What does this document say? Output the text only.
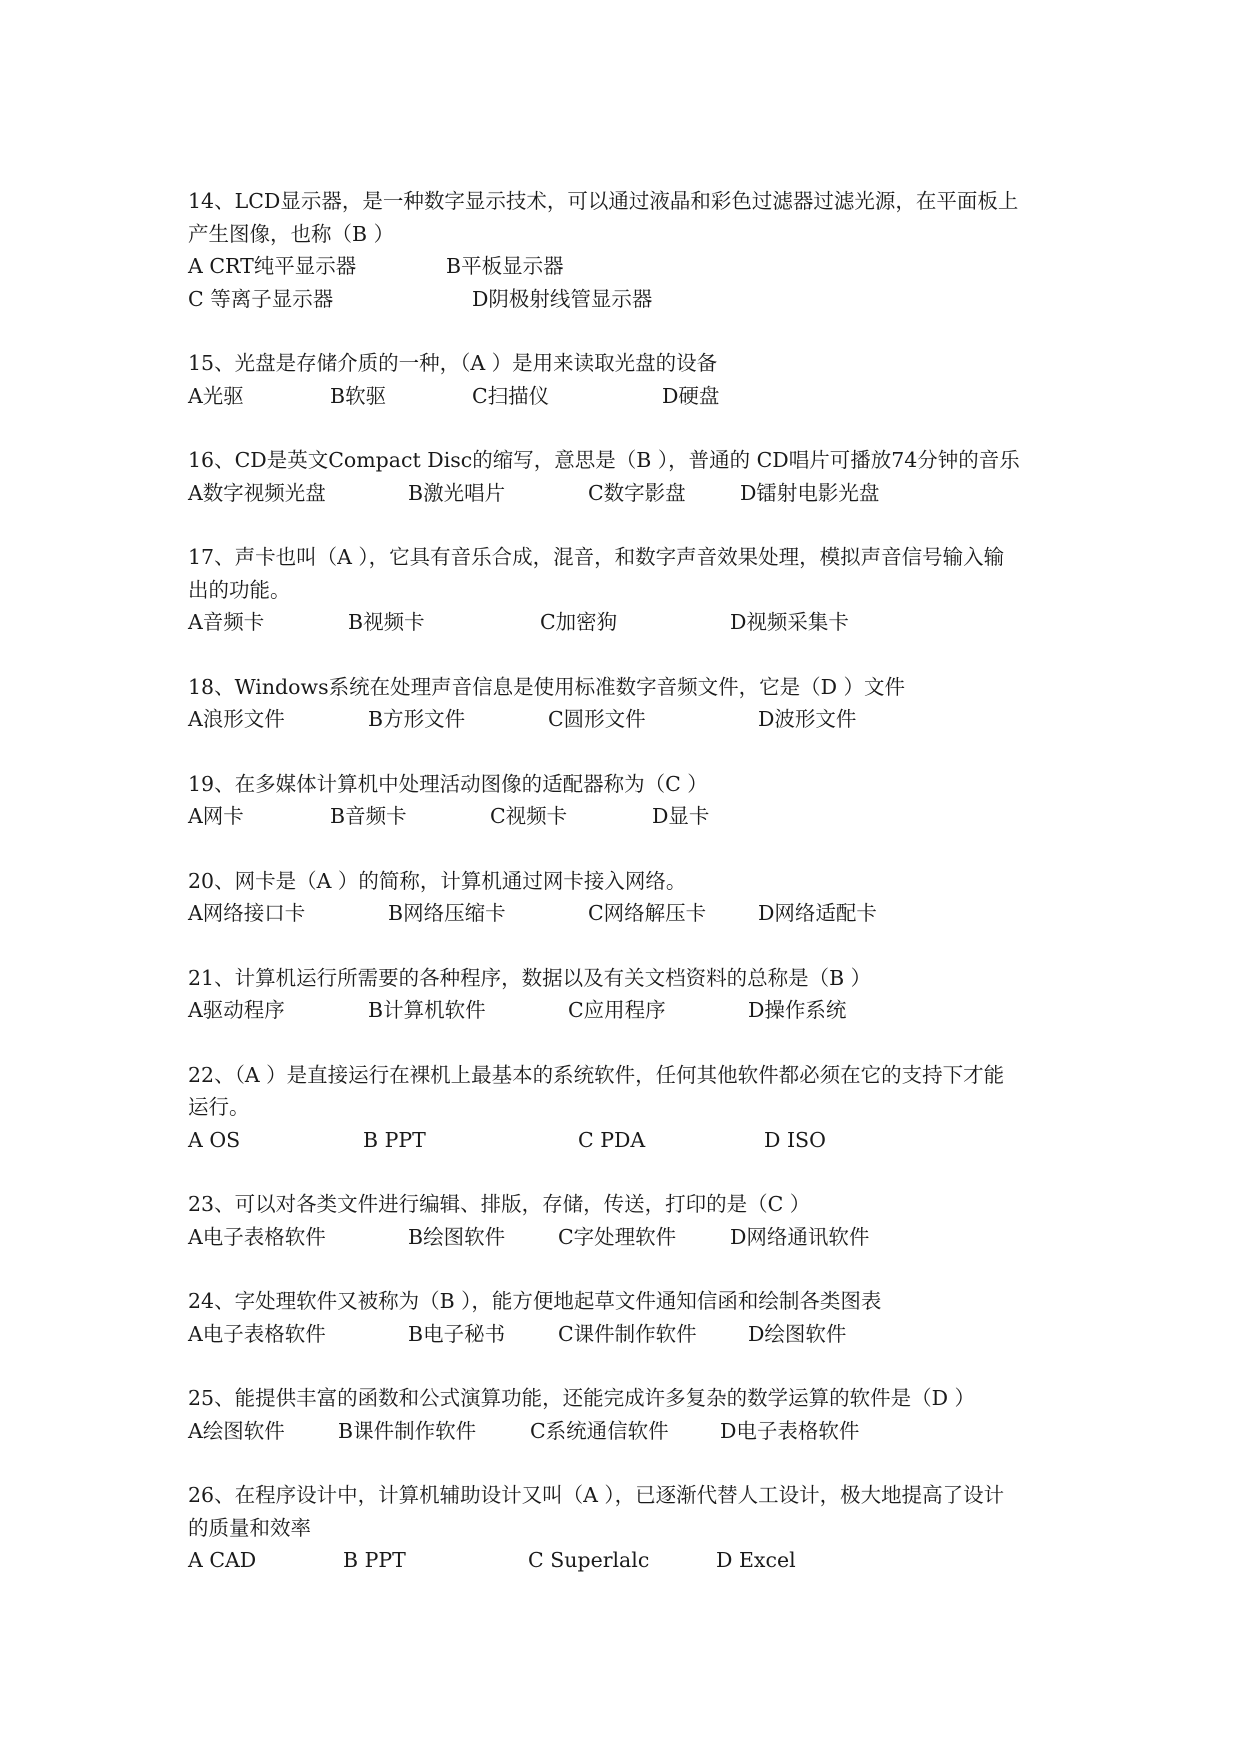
14、LCD显示器，是一种数字显示技术，可以通过液晶和彩色过滤器过滤光源，在平面板上
产生图像，也称（B ）
A CRT纯平显示器	B平板显示器
C 等离子显示器	D阴极射线管显示器
15、光盘是存储介质的一种，（A ）是用来读取光盘的设备
A光驱	B软驱	C扫描仪	D硬盘
16、CD是英文Compact Disc的缩写，意思是（B ），普通的 CD唱片可播放74分钟的音乐
A数字视频光盘	B激光唱片	C数字影盘	D镭射电影光盘
17、声卡也叫（A ），它具有音乐合成，混音，和数字声音效果处理，模拟声音信号输入输
出的功能。
A音频卡	B视频卡	C加密狗	D视频采集卡
18、Windows系统在处理声音信息是使用标准数字音频文件，它是（D ）文件
A浪形文件	B方形文件	C圆形文件	D波形文件
19、在多媒体计算机中处理活动图像的适配器称为（C ）
A网卡	B音频卡	C视频卡	D显卡
20、网卡是（A ）的简称，计算机通过网卡接入网络。
A网络接口卡	B网络压缩卡	C网络解压卡	D网络适配卡
21、计算机运行所需要的各种程序，数据以及有关文档资料的总称是（B ）
A驱动程序	B计算机软件	C应用程序	D操作系统
22、（A ）是直接运行在裸机上最基本的系统软件，任何其他软件都必须在它的支持下才能
运行。
A OS	B PPT	C PDA	D ISO
23、可以对各类文件进行编辑、排版，存储，传送，打印的是（C ）
A电子表格软件	B绘图软件	C字处理软件	D网络通讯软件
24、字处理软件又被称为（B ），能方便地起草文件通知信函和绘制各类图表
A电子表格软件	B电子秘书	C课件制作软件	D绘图软件
25、能提供丰富的函数和公式演算功能，还能完成许多复杂的数学运算的软件是（D ）
A绘图软件	B课件制作软件	C系统通信软件	D电子表格软件
26、在程序设计中，计算机辅助设计又叫（A ），已逐渐代替人工设计，极大地提高了设计
的质量和效率
A CAD	B PPT	C Superlalc	D Excel
